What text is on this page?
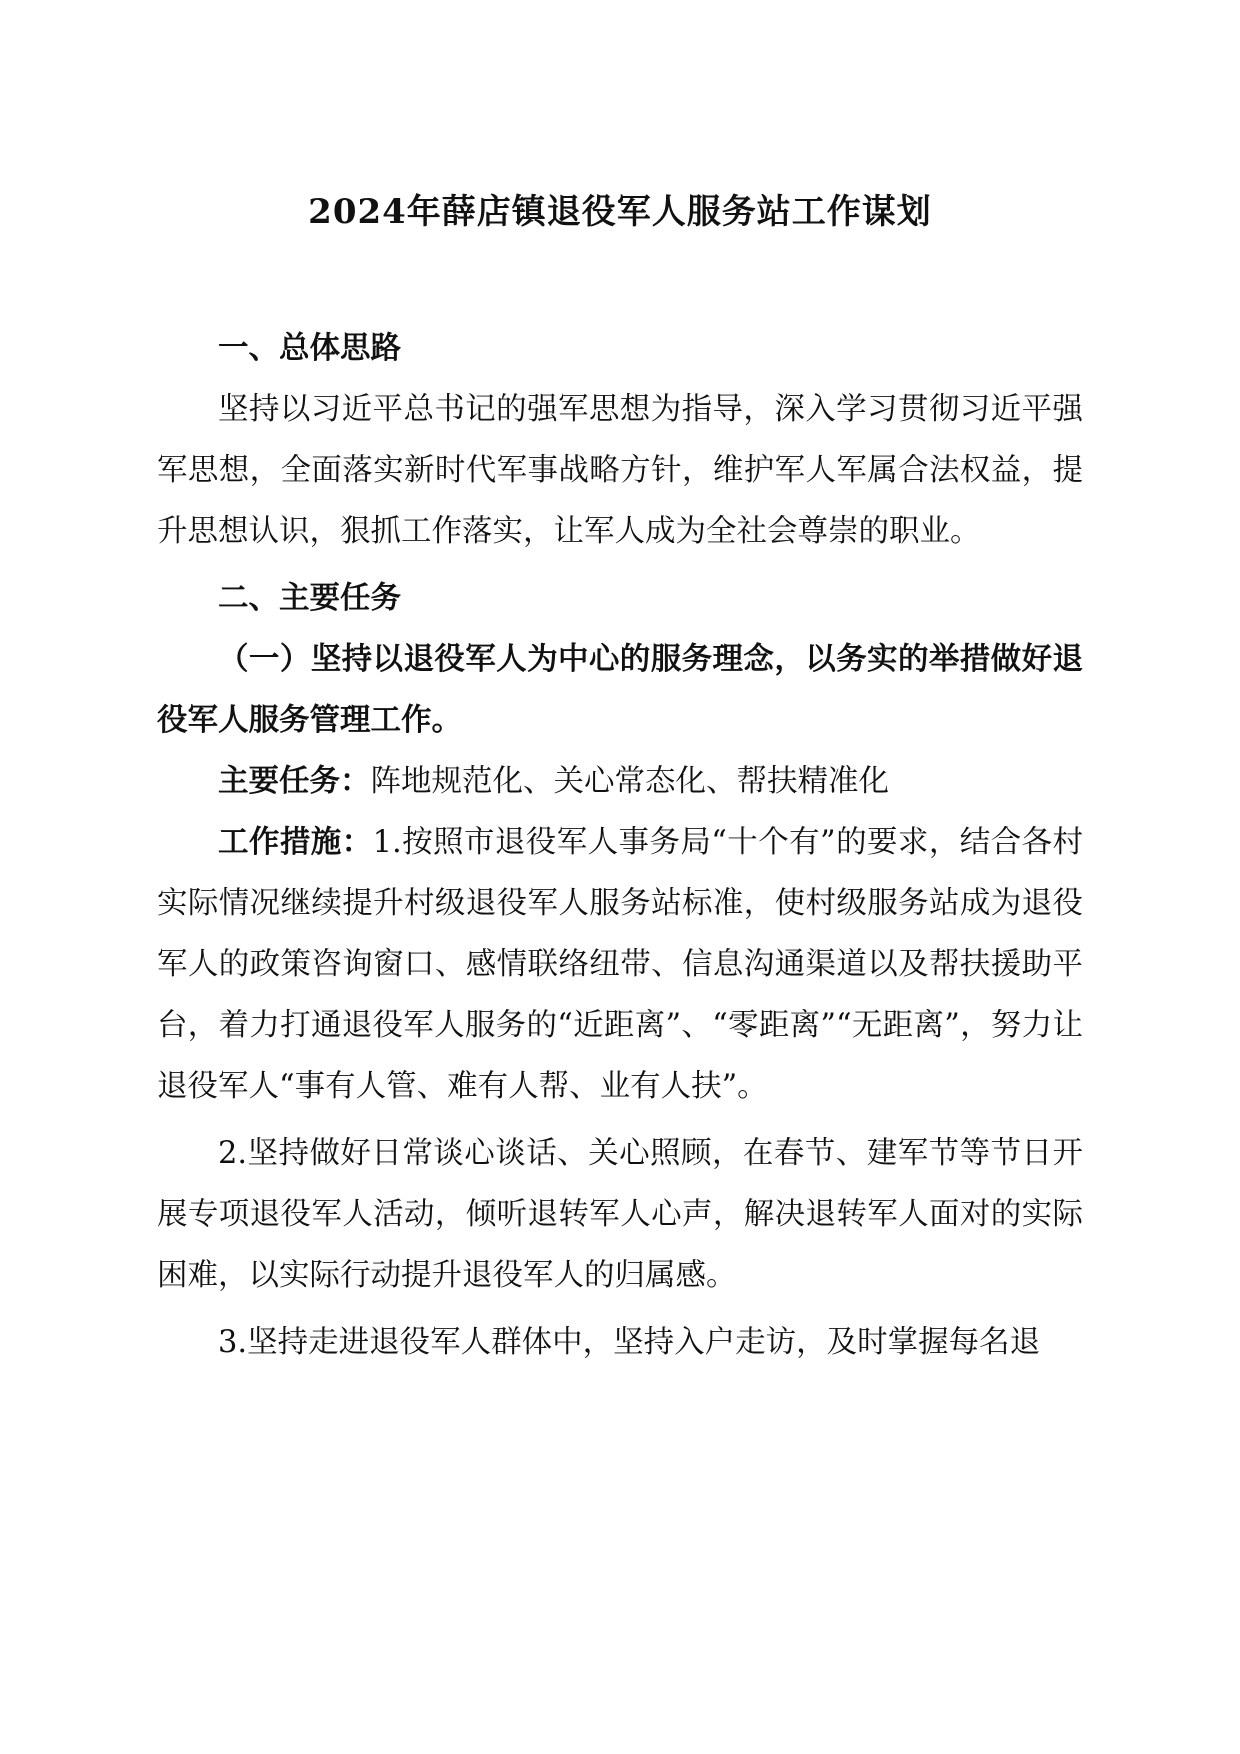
2024年薛店镇退役军人服务站工作谋划

一、总体思路

坚持以习近平总书记的强军思想为指导，深入学习贯彻习近平强军思想，全面落实新时代军事战略方针，维护军人军属合法权益，提升思想认识，狠抓工作落实，让军人成为全社会尊崇的职业。

二、主要任务

（一）坚持以退役军人为中心的服务理念，以务实的举措做好退役军人服务管理工作。

主要任务：阵地规范化、关心常态化、帮扶精准化

工作措施：1.按照市退役军人事务局“十个有”的要求，结合各村实际情况继续提升村级退役军人服务站标准，使村级服务站成为退役军人的政策咨询窗口、感情联络纽带、信息沟通渠道以及帮扶援助平台，着力打通退役军人服务的“近距离”、“零距离”“无距离”，努力让退役军人“事有人管、难有人帮、业有人扶”。

2.坚持做好日常谈心谈话、关心照顾，在春节、建军节等节日开展专项退役军人活动，倾听退转军人心声，解决退转军人面对的实际困难，以实际行动提升退役军人的归属感。

3.坚持走进退役军人群体中，坚持入户走访，及时掌握每名退
